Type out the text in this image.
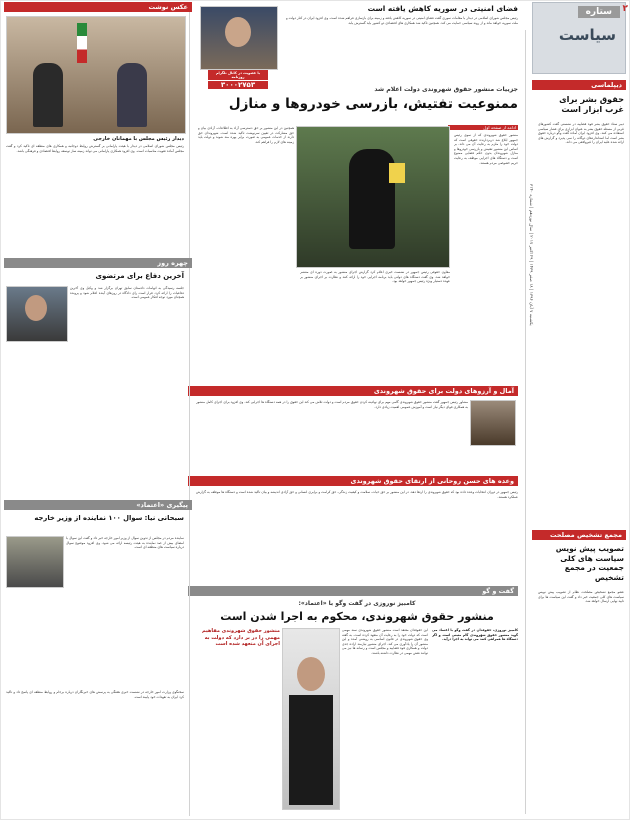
ستاره
سیاست
۲
یکشنبه ۷ آبان ۱۳۹۶ | ۱۸ صفر ۱۴۳۹ | ۲۹ اکتبر ۲۰۱۷ | سال نوزدهم | شماره ۳۱۴۰
دیپلماسی
حقوق بشر برای غرب ابزار است
دبیر ستاد حقوق بشر قوه قضاییه در نشستی گفت کشورهای غربی از مسئله حقوق بشر به عنوان ابزاری برای فشار سیاسی استفاده می کنند. وی افزود ایران آماده گفت وگو درباره حقوق بشر است اما استانداردهای دوگانه را نمی پذیرد و گزارش های ارائه شده علیه ایران را غیرواقعی می داند.
مجمع تشخیص مصلحت
تصویب پیش نویس سیاست های کلی جمعیت در مجمع تشخیص
عضو مجمع تشخیص مصلحت نظام از تصویب پیش نویس سیاست های کلی جمعیت خبر داد و گفت این سیاست ها برای تایید نهایی ارسال خواهد شد.
فضای امنیتی در سوریه کاهش یافته است
رئیس مجلس شورای اسلامی در دیدار با مقامات سوری گفت فضای امنیتی در سوریه کاهش یافته و زمینه برای بازسازی فراهم شده است. وی افزود ایران در کنار دولت و ملت سوریه خواهد ماند و از روند سیاسی حمایت می کند. همچنین تاکید شد همکاری های اقتصادی دو کشور باید گسترش یابد.
با عضویت در کانال تلگرام روزنامه
۳۰۰۰۲۷۵۳
جزییات منشور حقوق شهروندی دولت اعلام شد
ممنوعیت تفتیش، بازرسی خودروها و منازل
ادامه از صفحه اول
منشور حقوق شهروندی که از سوی رئیس جمهور ابلاغ شد دربردارنده حقوقی است که دولت خود را ملزم به رعایت آن می داند. بر اساس این منشور تفتیش و بازرسی خودروها و منازل شهروندان بدون حکم قضایی ممنوع است و دستگاه های اجرایی موظف به رعایت حریم خصوصی مردم هستند.
معاون حقوقی رئیس جمهور در نشست خبری اعلام کرد گزارش اجرای منشور به صورت دوره ای منتشر خواهد شد. وی گفت دستگاه های دولتی باید برنامه اجرایی خود را ارائه کنند و نظارت بر اجرای منشور بر عهده دستیار ویژه رئیس جمهور خواهد بود.
همچنین در این منشور بر حق دسترسی آزاد به اطلاعات، آزادی بیان و حق مشارکت در تعیین سرنوشت تاکید شده است. شهروندان حق دارند از خدمات عمومی به صورت برابر بهره مند شوند و دولت باید زمینه های لازم را فراهم کند.
آمال و آرزوهای دولت برای حقوق شهروندی
مشاور رئیس جمهور گفت منشور حقوق شهروندی گامی مهم برای نهادینه کردن حقوق مردم است و دولت تلاش می کند این حقوق را در همه دستگاه ها اجرایی کند. وی افزود برای اجرای کامل منشور به همکاری قوای دیگر نیاز است و آموزش عمومی اهمیت زیادی دارد.
وعده های حسن روحانی از ارتقای حقوق شهروندی
رئیس جمهور در دوران انتخابات وعده داده بود که حقوق شهروندی را ارتقا دهد. در این منشور بر حق حیات، سلامت و کیفیت زندگی، حق کرامت و برابری انسانی و حق آزادی اندیشه و بیان تاکید شده است و دستگاه ها موظف به گزارش عملکرد هستند.
گفت و گو
کامبیز نوروزی در گفت وگو با «اعتماد»:
منشور حقوق شهروندی، محکوم به اجرا شدن است
کامبیز نوروزی، حقوقدان در گفت وگو با اعتماد می گوید منشور حقوق شهروندی گام مثبتی است و اگر دستگاه ها همراهی کنند می تواند به اجرا درآید.
این حقوقدان معتقد است منشور حقوق شهروندی سند مهمی است که دولت خود را به رعایت آن متعهد کرده است. به گفته وی حقوق شهروندی در قانون اساسی به روشنی آمده و این منشور آن را یادآوری می کند. اجرای منشور نیازمند اراده جدی دولت و همکاری قوه قضاییه و مجلس است و رسانه ها نیز می توانند نقش مهمی در نظارت داشته باشند.
منشور حقوق شهروندی مفاهیم مهمی را در بر دارد که دولت به اجرای آن متعهد شده است
عکس نوشت
دیدار رئیس مجلس با مهمانان خارجی
رئیس مجلس شورای اسلامی در دیدار با هیئت پارلمانی بر گسترش روابط دوجانبه و همکاری های منطقه ای تاکید کرد و گفت مجلس آماده تقویت مناسبات است. وی افزود همکاری پارلمانی می تواند زمینه ساز توسعه روابط اقتصادی و فرهنگی باشد.
چهره روز
آخرین دفاع برای مرتضوی
جلسه رسیدگی به اتهامات دادستان سابق تهران برگزار شد و وکیل وی آخرین دفاعیات را ارائه کرد. قرار است رای دادگاه در روزهای آینده اعلام شود و پرونده همچنان مورد توجه افکار عمومی است.
پیگیری «اعتماد»
سبحانی نیا: سوال ۱۰۰ نماینده از وزیر خارجه
نماینده مردم در مجلس از تدوین سوال از وزیر امور خارجه خبر داد و گفت این سوال با امضای بیش از صد نماینده به هیئت رئیسه ارائه می شود. وی افزود موضوع سوال درباره سیاست های منطقه ای است.
سخنگوی وزارت امور خارجه در نشست خبری هفتگی به پرسش های خبرنگاران درباره برجام و روابط منطقه ای پاسخ داد و تاکید کرد ایران به تعهدات خود پایبند است.
